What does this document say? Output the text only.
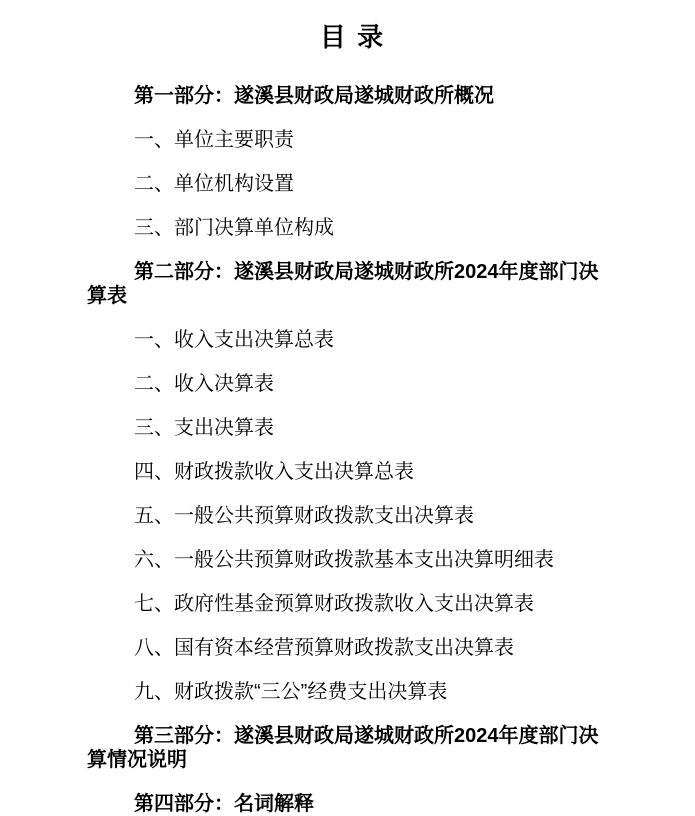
目 录

第一部分：遂溪县财政局遂城财政所概况

一、单位主要职责

二、单位机构设置

三、部门决算单位构成

第二部分：遂溪县财政局遂城财政所2024年度部门决算表

一、收入支出决算总表

二、收入决算表

三、支出决算表

四、财政拨款收入支出决算总表

五、一般公共预算财政拨款支出决算表

六、一般公共预算财政拨款基本支出决算明细表

七、政府性基金预算财政拨款收入支出决算表

八、国有资本经营预算财政拨款支出决算表

九、财政拨款“三公”经费支出决算表

第三部分：遂溪县财政局遂城财政所2024年度部门决算情况说明

第四部分：名词解释
